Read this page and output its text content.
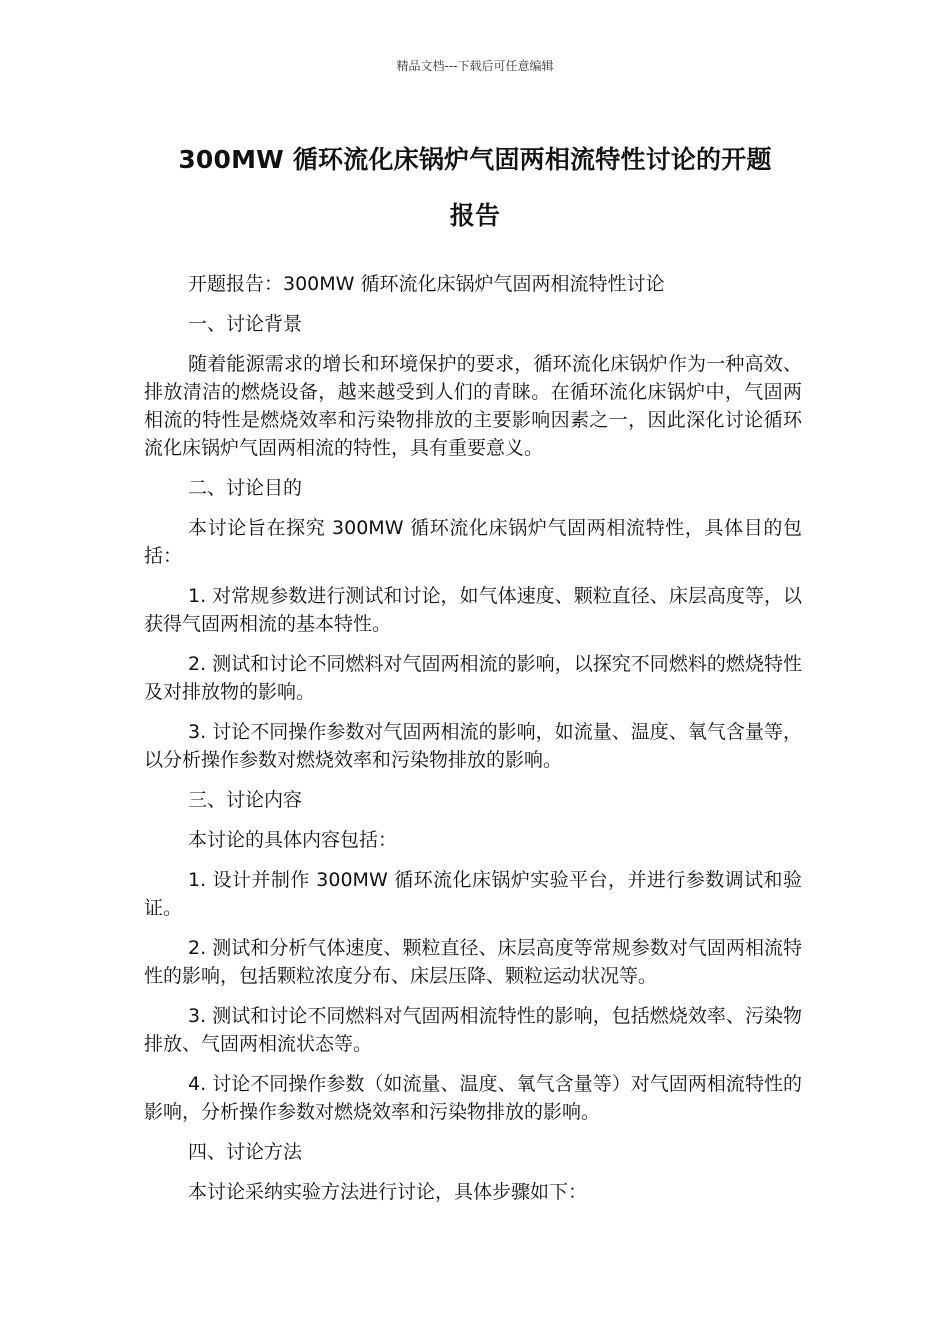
精品文档---下载后可任意编辑
300MW 循环流化床锅炉气固两相流特性讨论的开题
报告

开题报告：300MW 循环流化床锅炉气固两相流特性讨论

一、讨论背景

随着能源需求的增长和环境保护的要求，循环流化床锅炉作为一种高效、排放清洁的燃烧设备，越来越受到人们的青睐。在循环流化床锅炉中，气固两相流的特性是燃烧效率和污染物排放的主要影响因素之一，因此深化讨论循环流化床锅炉气固两相流的特性，具有重要意义。

二、讨论目的

本讨论旨在探究 300MW 循环流化床锅炉气固两相流特性，具体目的包括：

1. 对常规参数进行测试和讨论，如气体速度、颗粒直径、床层高度等，以获得气固两相流的基本特性。

2. 测试和讨论不同燃料对气固两相流的影响，以探究不同燃料的燃烧特性及对排放物的影响。

3. 讨论不同操作参数对气固两相流的影响，如流量、温度、氧气含量等，以分析操作参数对燃烧效率和污染物排放的影响。

三、讨论内容

本讨论的具体内容包括：

1. 设计并制作 300MW 循环流化床锅炉实验平台，并进行参数调试和验证。

2. 测试和分析气体速度、颗粒直径、床层高度等常规参数对气固两相流特性的影响，包括颗粒浓度分布、床层压降、颗粒运动状况等。

3. 测试和讨论不同燃料对气固两相流特性的影响，包括燃烧效率、污染物排放、气固两相流状态等。

4. 讨论不同操作参数（如流量、温度、氧气含量等）对气固两相流特性的影响，分析操作参数对燃烧效率和污染物排放的影响。

四、讨论方法

本讨论采纳实验方法进行讨论，具体步骤如下：
